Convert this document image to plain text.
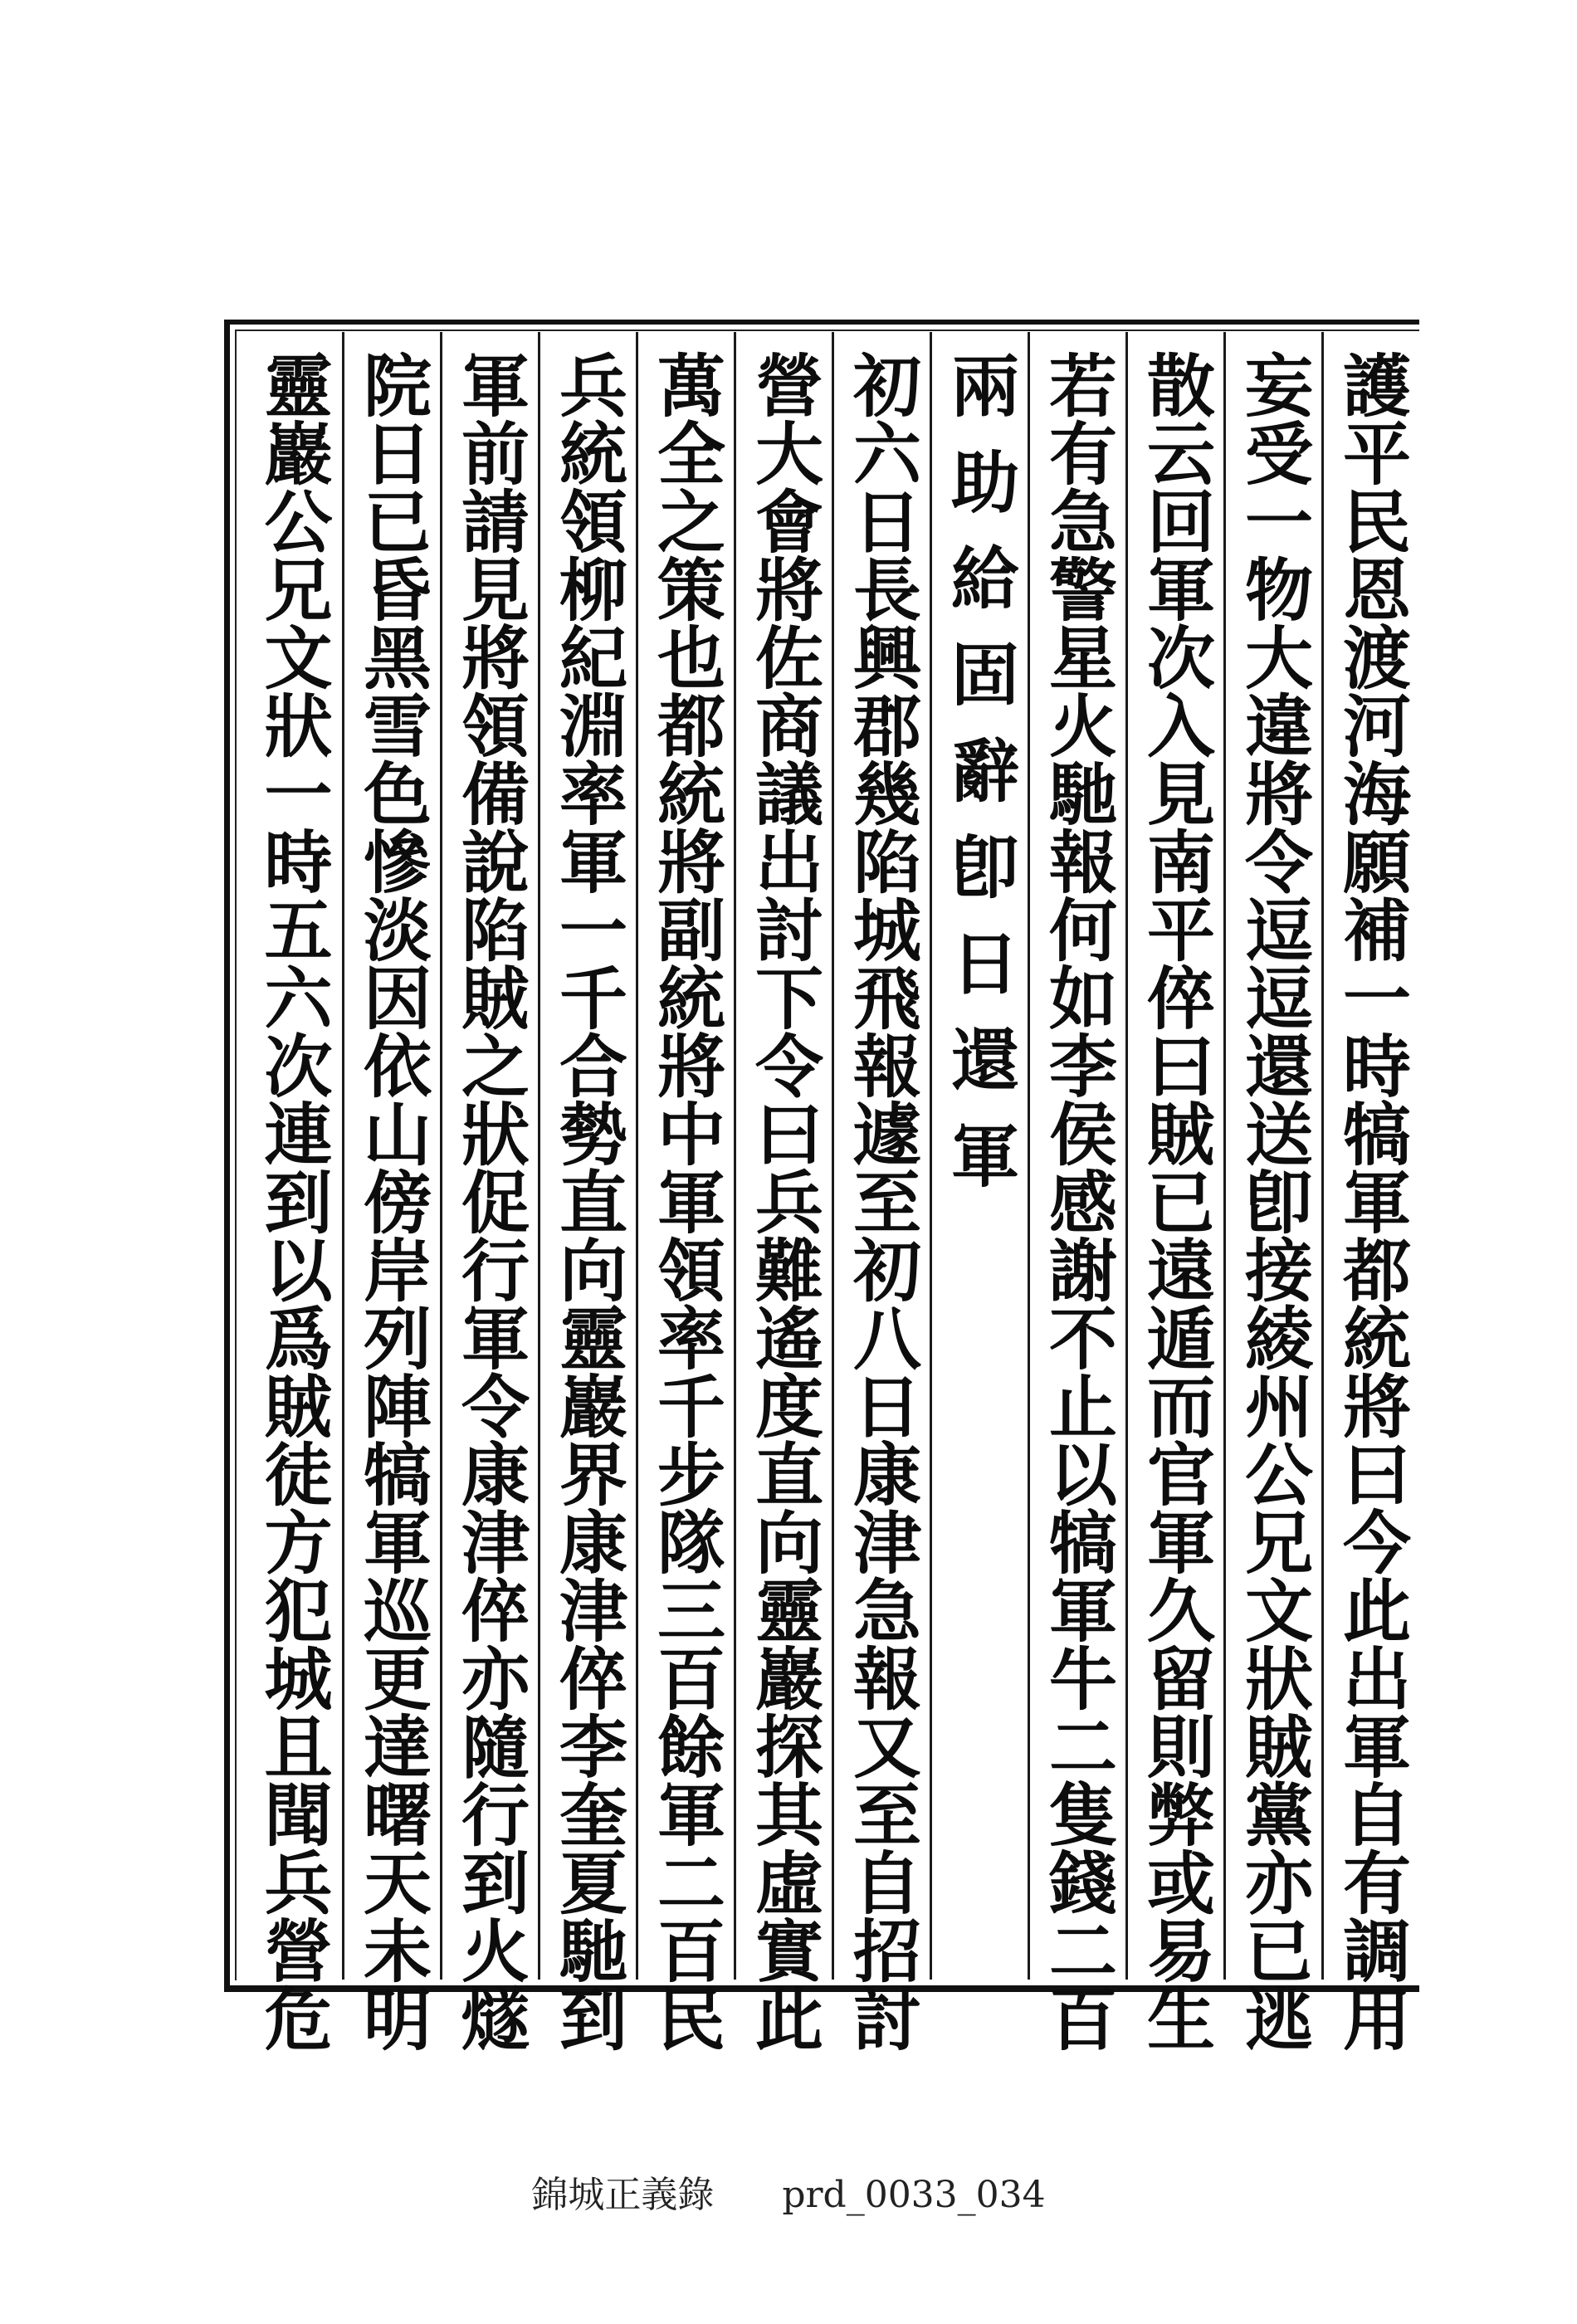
護平民恩渡河海願補一時犒軍都統將曰今此出軍自有調用
妄受一物大違將令逗逗還送卽接綾州公兄文狀賊黨亦已逃
散云回軍次入見南平倅曰賊已遠遁而官軍久留則弊或易生
若有急警星火馳報何如李侯感謝不止以犒軍牛二隻錢二百
兩助給固辭卽日還軍
初六日長興郡幾陷城飛報遽至初八日康津急報又至自招討
營大會將佐商議出討下令曰兵難遙度直向靈巖探其虛實此
萬全之策也都統將副統將中軍領率千步隊三百餘軍二百民
兵統領柳紀淵率軍一千合勢直向靈巖界康津倅李奎夏馳到
軍前請見將領備說陷賊之狀促行軍令康津倅亦隨行到火燧
院日已昏黑雪色慘淡因依山傍岸列陣犒軍巡更達曙天未明
靈巖公兄文狀一時五六次連到以爲賊徒方犯城且聞兵營危
錦城正義錄 prd_0033_034
